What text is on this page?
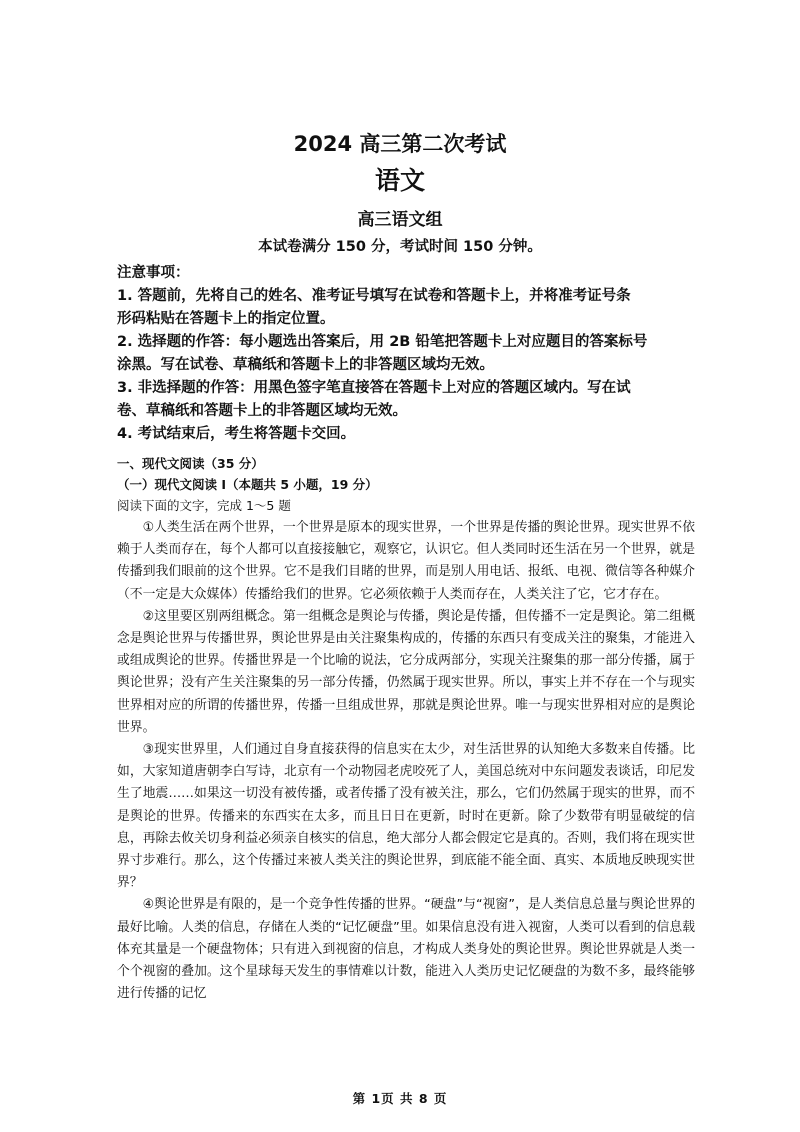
2024 高三第二次考试
语文
高三语文组
本试卷满分 150 分，考试时间 150 分钟。
注意事项：
1. 答题前，先将自己的姓名、准考证号填写在试卷和答题卡上，并将准考证号条
形码粘贴在答题卡上的指定位置。
2. 选择题的作答：每小题选出答案后，用 2B 铅笔把答题卡上对应题目的答案标号
涂黑。写在试卷、草稿纸和答题卡上的非答题区域均无效。
3. 非选择题的作答：用黑色签字笔直接答在答题卡上对应的答题区域内。写在试
卷、草稿纸和答题卡上的非答题区域均无效。
4. 考试结束后，考生将答题卡交回。
一、现代文阅读（35 分）
（一）现代文阅读 I（本题共 5 小题，19 分）
阅读下面的文字，完成 1～5 题

①人类生活在两个世界，一个世界是原本的现实世界，一个世界是传播的舆论世界。现实世界不依赖于人类而存在，每个人都可以直接接触它，观察它，认识它。但人类同时还生活在另一个世界，就是传播到我们眼前的这个世界。它不是我们目睹的世界，而是别人用电话、报纸、电视、微信等各种媒介（不一定是大众媒体）传播给我们的世界。它必须依赖于人类而存在，人类关注了它，它才存在。

②这里要区别两组概念。第一组概念是舆论与传播，舆论是传播，但传播不一定是舆论。第二组概念是舆论世界与传播世界，舆论世界是由关注聚集构成的，传播的东西只有变成关注的聚集，才能进入或组成舆论的世界。传播世界是一个比喻的说法，它分成两部分，实现关注聚集的那一部分传播，属于舆论世界；没有产生关注聚集的另一部分传播，仍然属于现实世界。所以，事实上并不存在一个与现实世界相对应的所谓的传播世界，传播一旦组成世界，那就是舆论世界。唯一与现实世界相对应的是舆论世界。

③现实世界里，人们通过自身直接获得的信息实在太少，对生活世界的认知绝大多数来自传播。比如，大家知道唐朝李白写诗，北京有一个动物园老虎咬死了人，美国总统对中东问题发表谈话，印尼发生了地震……如果这一切没有被传播，或者传播了没有被关注，那么，它们仍然属于现实的世界，而不是舆论的世界。传播来的东西实在太多，而且日日在更新，时时在更新。除了少数带有明显破绽的信息，再除去攸关切身利益必须亲自核实的信息，绝大部分人都会假定它是真的。否则，我们将在现实世界寸步难行。那么，这个传播过来被人类关注的舆论世界，到底能不能全面、真实、本质地反映现实世界？

④舆论世界是有限的，是一个竞争性传播的世界。“硬盘”与“视窗”，是人类信息总量与舆论世界的最好比喻。人类的信息，存储在人类的“记忆硬盘”里。如果信息没有进入视窗，人类可以看到的信息载体充其量是一个硬盘物体；只有进入到视窗的信息，才构成人类身处的舆论世界。舆论世界就是人类一个个视窗的叠加。这个星球每天发生的事情难以计数，能进入人类历史记忆硬盘的为数不多，最终能够进行传播的记忆

第 1页 共 8 页
